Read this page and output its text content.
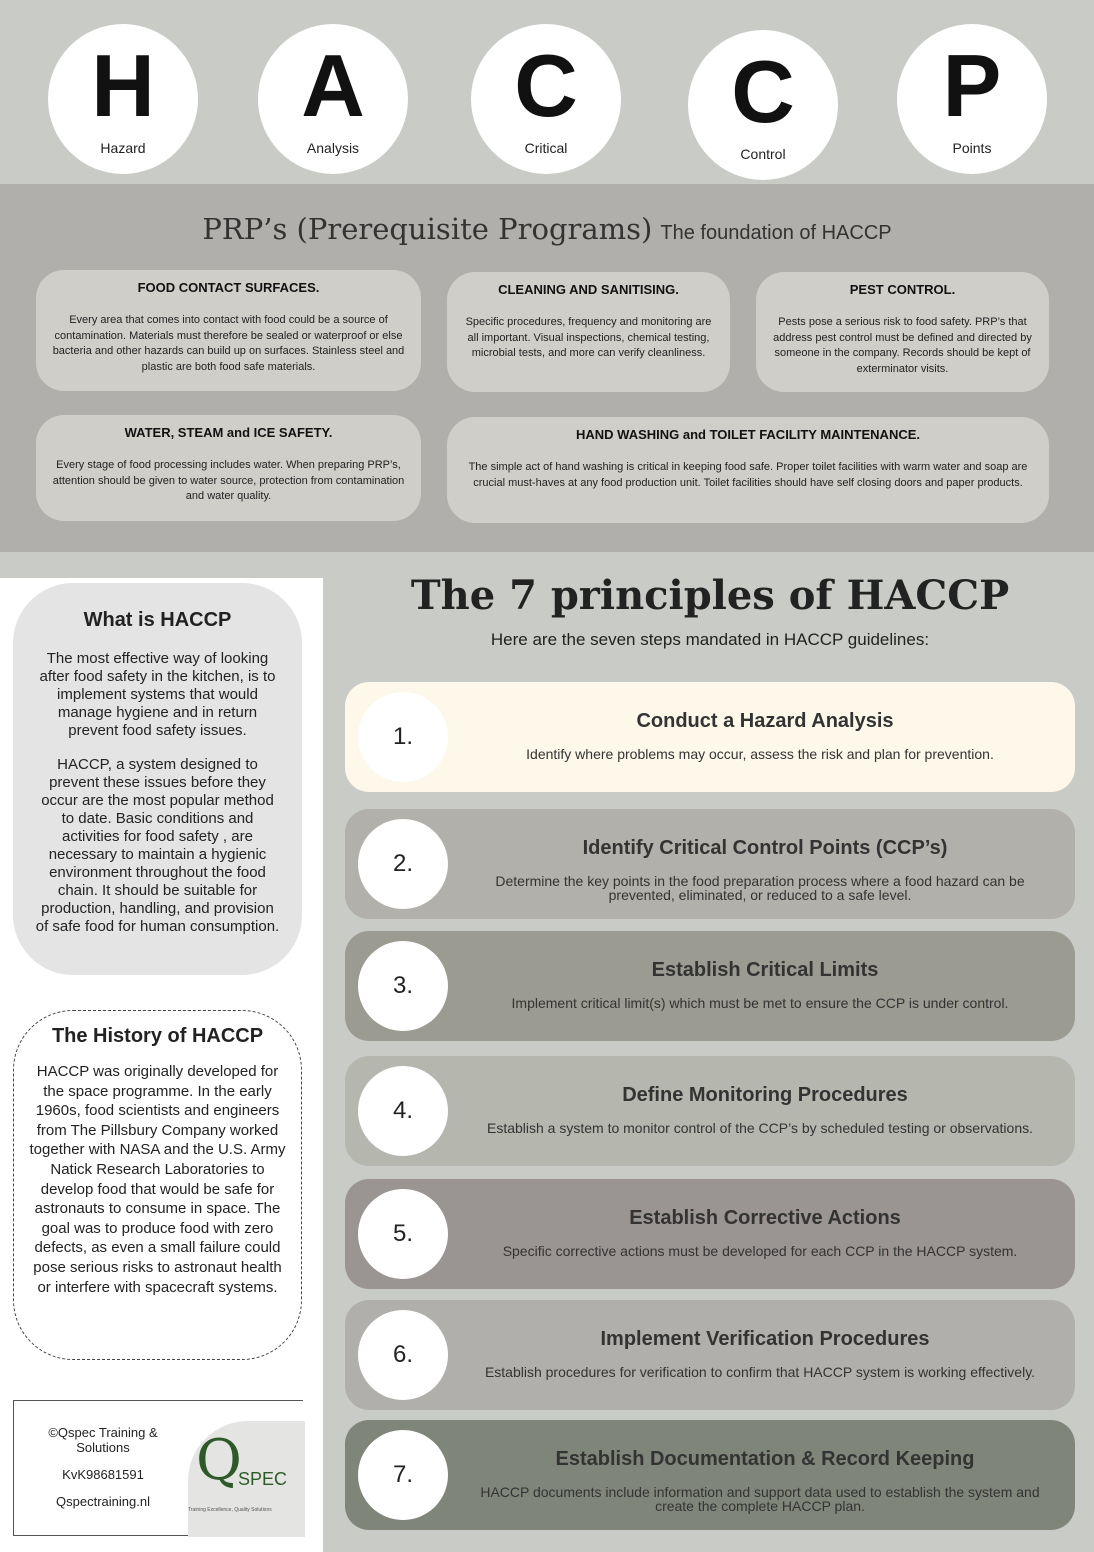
H
Hazard
A
Analysis
C
Critical
C
Control
P
Points
PRP’s (Prerequisite Programs) The foundation of HACCP
FOOD CONTACT SURFACES.

Every area that comes into contact with food could be a source of contamination. Materials must therefore be sealed or waterproof or else bacteria and other hazards can build up on surfaces. Stainless steel and plastic are both food safe materials.

CLEANING AND SANITISING.

Specific procedures, frequency and monitoring are all important. Visual inspections, chemical testing, microbial tests, and more can verify cleanliness.

PEST CONTROL.

Pests pose a serious risk to food safety. PRP’s that address pest control must be defined and directed by someone in the company. Records should be kept of exterminator visits.

WATER, STEAM and ICE SAFETY.

Every stage of food processing includes water. When preparing PRP’s, attention should be given to water source, protection from contamination and water quality.

HAND WASHING and TOILET FACILITY MAINTENANCE.

The simple act of hand washing is critical in keeping food safe. Proper toilet facilities with warm water and soap are crucial must-haves at any food production unit. Toilet facilities should have self closing doors and paper products.

What is HACCP

The most effective way of looking after food safety in the kitchen, is to implement systems that would manage hygiene and in return prevent food safety issues.

HACCP, a system designed to prevent these issues before they occur are the most popular method to date. Basic conditions and activities for food safety , are necessary to maintain a hygienic environment throughout the food chain. It should be suitable for production, handling, and provision of safe food for human consumption.

The History of HACCP

HACCP was originally developed for the space programme. In the early 1960s, food scientists and engineers from The Pillsbury Company worked together with NASA and the U.S. Army Natick Research Laboratories to develop food that would be safe for astronauts to consume in space. The goal was to produce food with zero defects, as even a small failure could pose serious risks to astronaut health or interfere with spacecraft systems.

©Qspec Training & Solutions
KvK98681591
Qspectraining.nl
Q
SPEC
Training Excellence, Quality Solutions
The 7 principles of HACCP
Here are the seven steps mandated in HACCP guidelines:
1.
Conduct a Hazard Analysis

Identify where problems may occur, assess the risk and plan for prevention.

2.
Identify Critical Control Points (CCP’s)

Determine the key points in the food preparation process where a food hazard can be prevented, eliminated, or reduced to a safe level.

3.
Establish Critical Limits

Implement critical limit(s) which must be met to ensure the CCP is under control.

4.
Define Monitoring Procedures

Establish a system to monitor control of the CCP’s by scheduled testing or observations.

5.
Establish Corrective Actions

Specific corrective actions must be developed for each CCP in the HACCP system.

6.
Implement Verification Procedures

Establish procedures for verification to confirm that HACCP system is working effectively.

7.
Establish Documentation & Record Keeping

HACCP documents include information and support data used to establish the system and create the complete HACCP plan.
